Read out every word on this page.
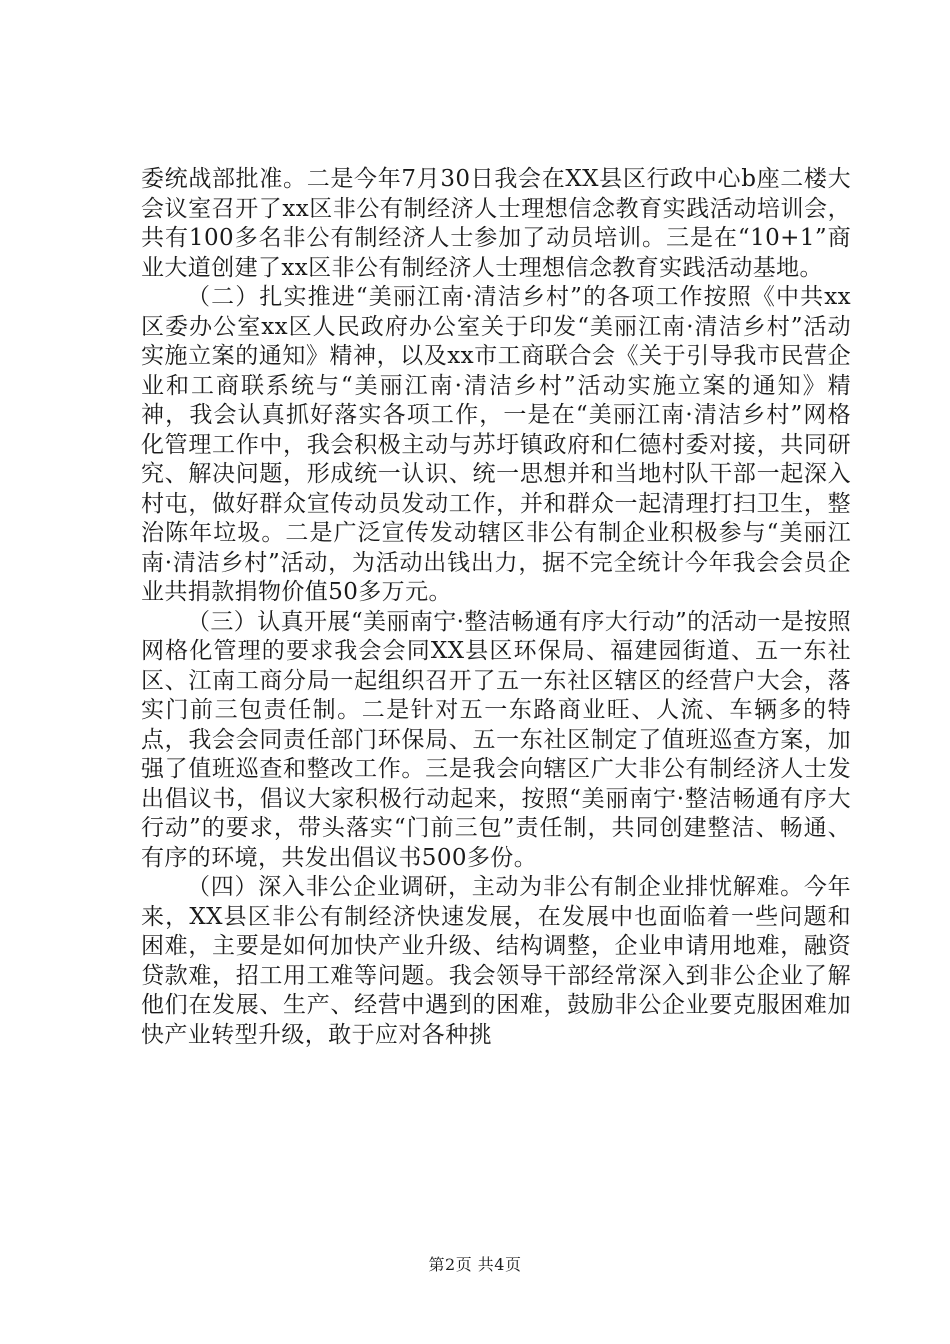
委统战部批准。二是今年7月30日我会在XX县区行政中心b座二楼大会议室召开了xx区非公有制经济人士理想信念教育实践活动培训会，共有100多名非公有制经济人士参加了动员培训。三是在“10+1”商业大道创建了xx区非公有制经济人士理想信念教育实践活动基地。

（二）扎实推进“美丽江南·清洁乡村”的各项工作按照《中共xx区委办公室xx区人民政府办公室关于印发“美丽江南·清洁乡村”活动实施立案的通知》精神，以及xx市工商联合会《关于引导我市民营企业和工商联系统与“美丽江南·清洁乡村”活动实施立案的通知》精神，我会认真抓好落实各项工作，一是在“美丽江南·清洁乡村”网格化管理工作中，我会积极主动与苏圩镇政府和仁德村委对接，共同研究、解决问题，形成统一认识、统一思想并和当地村队干部一起深入村屯，做好群众宣传动员发动工作，并和群众一起清理打扫卫生，整治陈年垃圾。二是广泛宣传发动辖区非公有制企业积极参与“美丽江南·清洁乡村”活动，为活动出钱出力，据不完全统计今年我会会员企业共捐款捐物价值50多万元。

（三）认真开展“美丽南宁·整洁畅通有序大行动”的活动一是按照网格化管理的要求我会会同XX县区环保局、福建园街道、五一东社区、江南工商分局一起组织召开了五一东社区辖区的经营户大会，落实门前三包责任制。二是针对五一东路商业旺、人流、车辆多的特点，我会会同责任部门环保局、五一东社区制定了值班巡查方案，加强了值班巡查和整改工作。三是我会向辖区广大非公有制经济人士发出倡议书，倡议大家积极行动起来，按照“美丽南宁·整洁畅通有序大行动”的要求，带头落实“门前三包”责任制，共同创建整洁、畅通、有序的环境，共发出倡议书500多份。

（四）深入非公企业调研，主动为非公有制企业排忧解难。今年来，XX县区非公有制经济快速发展，在发展中也面临着一些问题和困难，主要是如何加快产业升级、结构调整，企业申请用地难，融资贷款难，招工用工难等问题。我会领导干部经常深入到非公企业了解他们在发展、生产、经营中遇到的困难，鼓励非公企业要克服困难加快产业转型升级，敢于应对各种挑

第2页 共4页
